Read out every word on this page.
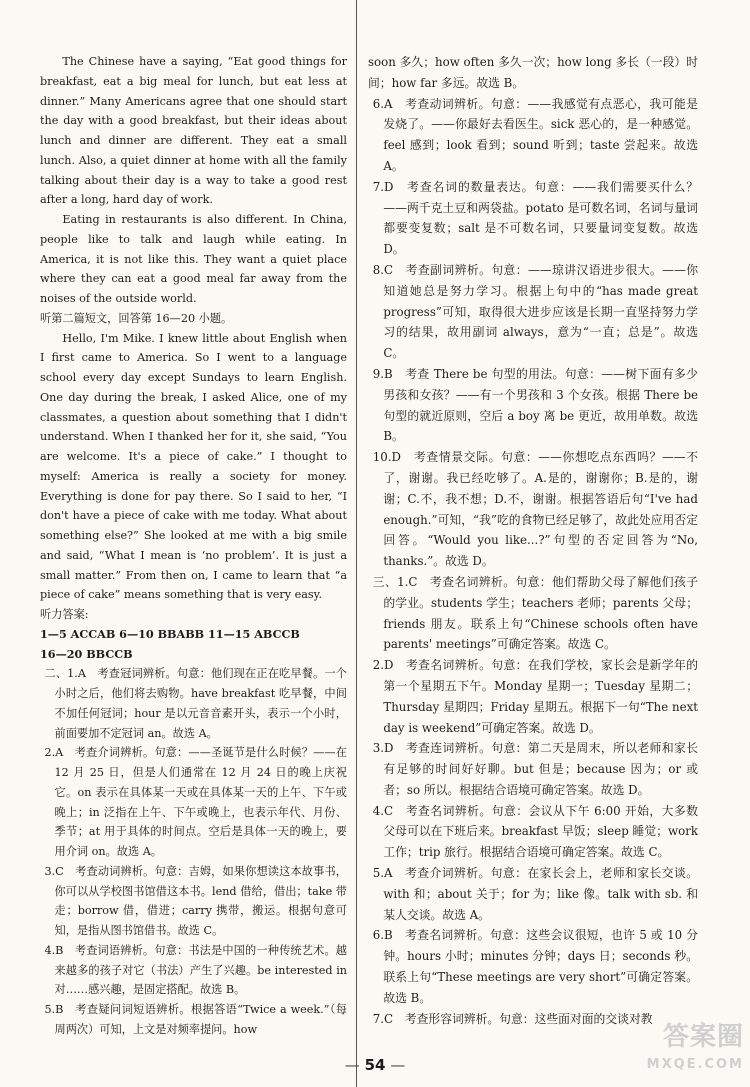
The Chinese have a saying, “Eat good things for breakfast, eat a big meal for lunch, but eat less at dinner.” Many Americans agree that one should start the day with a good breakfast, but their ideas about lunch and dinner are different. They eat a small lunch. Also, a quiet dinner at home with all the family talking about their day is a way to take a good rest after a long, hard day of work.

Eating in restaurants is also different. In China, people like to talk and laugh while eating. In America, it is not like this. They want a quiet place where they can eat a good meal far away from the noises of the outside world.

听第二篇短文，回答第 16—20 小题。

Hello, I'm Mike. I knew little about English when I first came to America. So I went to a language school every day except Sundays to learn English. One day during the break, I asked Alice, one of my classmates, a question about something that I didn't understand. When I thanked her for it, she said, “You are welcome. It's a piece of cake.” I thought to myself: America is really a society for money. Everything is done for pay there. So I said to her, “I don't have a piece of cake with me today. What about something else?” She looked at me with a big smile and said, “What I mean is ‘no problem’. It is just a small matter.” From then on, I came to learn that “a piece of cake” means something that is very easy.

听力答案:

1—5 ACCAB 6—10 BBABB 11—15 ABCCB

16—20 BBCCB

二、1.A　考查冠词辨析。句意：他们现在正在吃早餐。一个小时之后，他们将去购物。have breakfast 吃早餐，中间不加任何冠词；hour 是以元音音素开头，表示一个小时，前面要加不定冠词 an。故选 A。

2.A　考查介词辨析。句意：——圣诞节是什么时候？——在 12 月 25 日，但是人们通常在 12 月 24 日的晚上庆祝它。on 表示在具体某一天或在具体某一天的上午、下午或晚上；in 泛指在上午、下午或晚上，也表示年代、月份、季节；at 用于具体的时间点。空后是具体一天的晚上，要用介词 on。故选 A。

3.C　考查动词辨析。句意：吉姆，如果你想读这本故事书，你可以从学校图书馆借这本书。lend 借给，借出；take 带走；borrow 借，借进；carry 携带，搬运。根据句意可知，是指从图书馆借书。故选 C。

4.B　考查词语辨析。句意：书法是中国的一种传统艺术。越来越多的孩子对它（书法）产生了兴趣。be interested in 对……感兴趣，是固定搭配。故选 B。

5.B　考查疑问词短语辨析。根据答语“Twice a week.”（每周两次）可知，上文是对频率提问。how

soon 多久；how often 多久一次；how long 多长（一段）时间；how far 多远。故选 B。

6.A　考查动词辨析。句意：——我感觉有点恶心，我可能是发烧了。——你最好去看医生。sick 恶心的，是一种感觉。feel 感到；look 看到；sound 听到；taste 尝起来。故选 A。

7.D　考查名词的数量表达。句意：——我们需要买什么？——两千克土豆和两袋盐。potato 是可数名词，名词与量词都要变复数；salt 是不可数名词，只要量词变复数。故选 D。

8.C　考查副词辨析。句意：——琼讲汉语进步很大。——你知道她总是努力学习。根据上句中的“has made great progress”可知，取得很大进步应该是长期一直坚持努力学习的结果，故用副词 always，意为“一直；总是”。故选 C。

9.B　考查 There be 句型的用法。句意：——树下面有多少男孩和女孩？——有一个男孩和 3 个女孩。根据 There be 句型的就近原则，空后 a boy 离 be 更近，故用单数。故选 B。

10.D　考查情景交际。句意：——你想吃点东西吗？——不了，谢谢。我已经吃够了。A.是的，谢谢你；B.是的，谢谢；C.不，我不想；D.不，谢谢。根据答语后句“I've had enough.”可知，“我”吃的食物已经足够了，故此处应用否定回答。“Would you like...?”句型的否定回答为“No, thanks.”。故选 D。

三、1.C　考查名词辨析。句意：他们帮助父母了解他们孩子的学业。students 学生；teachers 老师；parents 父母；friends 朋友。联系上句“Chinese schools often have parents' meetings”可确定答案。故选 C。

2.D　考查名词辨析。句意：在我们学校，家长会是新学年的第一个星期五下午。Monday 星期一；Tuesday 星期二；Thursday 星期四；Friday 星期五。根据下一句“The next day is weekend”可确定答案。故选 D。

3.D　考查连词辨析。句意：第二天是周末，所以老师和家长有足够的时间好好聊。but 但是；because 因为；or 或者；so 所以。根据结合语境可确定答案。故选 D。

4.C　考查名词辨析。句意：会议从下午 6:00 开始，大多数父母可以在下班后来。breakfast 早饭；sleep 睡觉；work 工作；trip 旅行。根据结合语境可确定答案。故选 C。

5.A　考查介词辨析。句意：在家长会上，老师和家长交谈。with 和；about 关于；for 为；like 像。talk with sb. 和某人交谈。故选 A。

6.B　考查名词辨析。句意：这些会议很短，也许 5 或 10 分钟。hours 小时；minutes 分钟；days 日；seconds 秒。联系上句“These meetings are very short”可确定答案。故选 B。

7.C　考查形容词辨析。句意：这些面对面的交谈对教

— 54 —
答案圈
MXQE.COM
